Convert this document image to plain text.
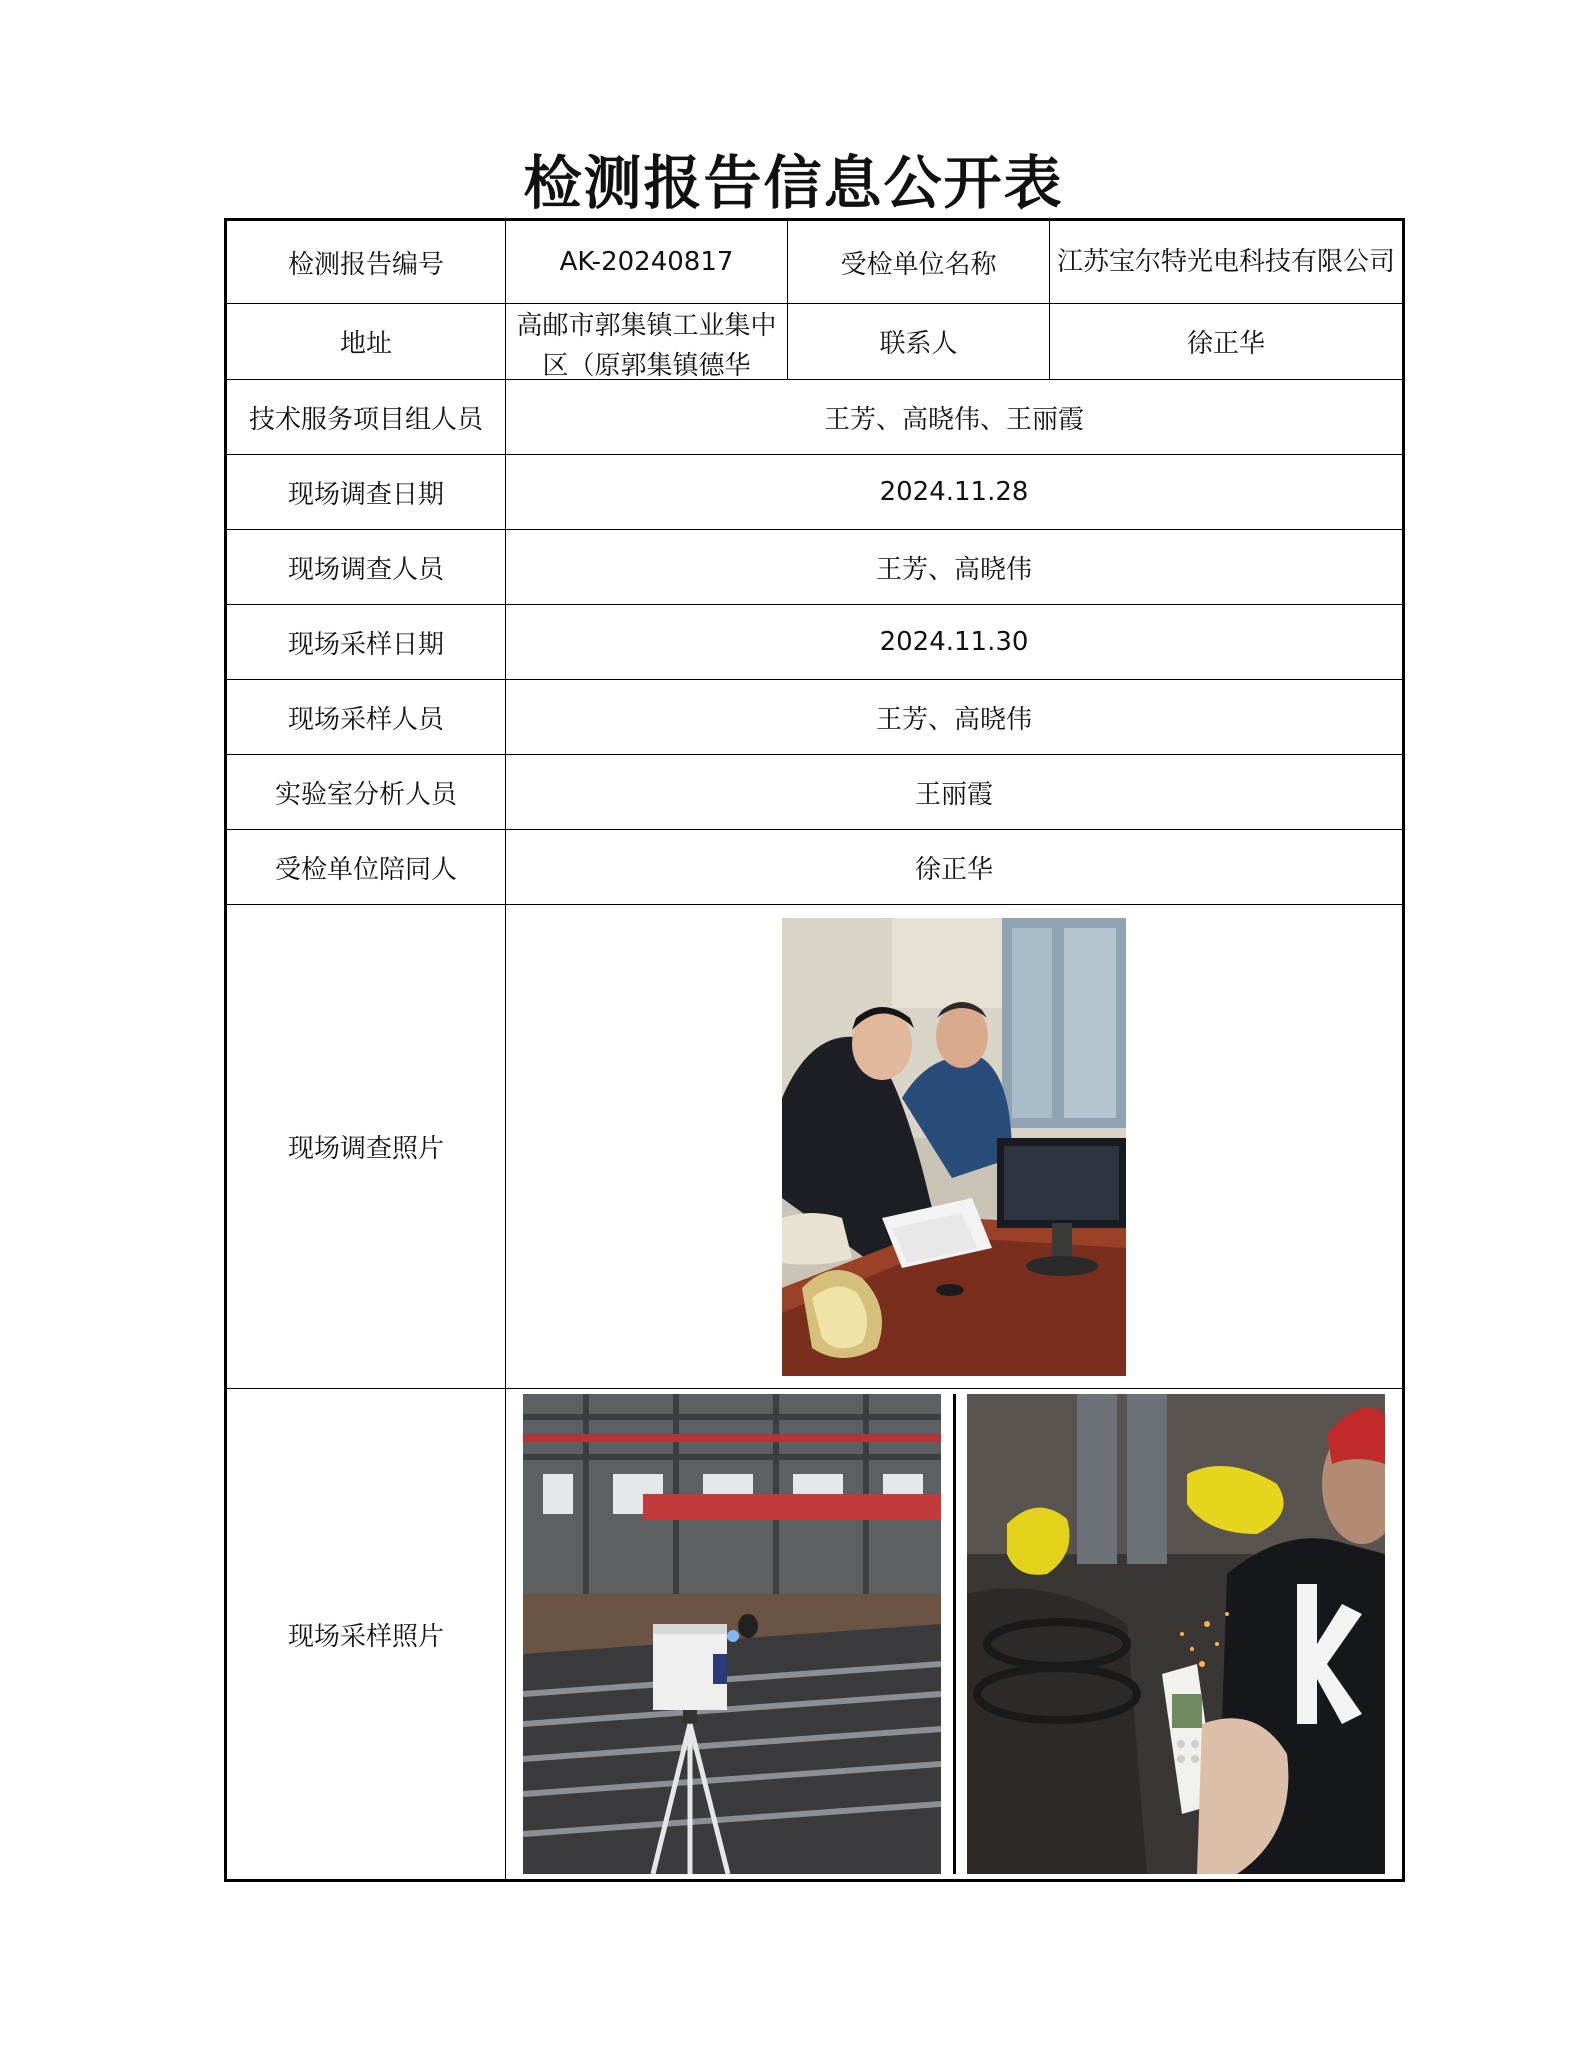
检测报告信息公开表
检测报告编号	AK-20240817	受检单位名称	江苏宝尔特光电科技有限公司
地址	高邮市郭集镇工业集中区（原郭集镇德华	联系人	徐正华
技术服务项目组人员	王芳、高晓伟、王丽霞		
现场调查日期	2024.11.28		
现场调查人员	王芳、高晓伟		
现场采样日期	2024.11.30		
现场采样人员	王芳、高晓伟		
实验室分析人员	王丽霞		
受检单位陪同人	徐正华		
现场调查照片	

现场采样照片	
